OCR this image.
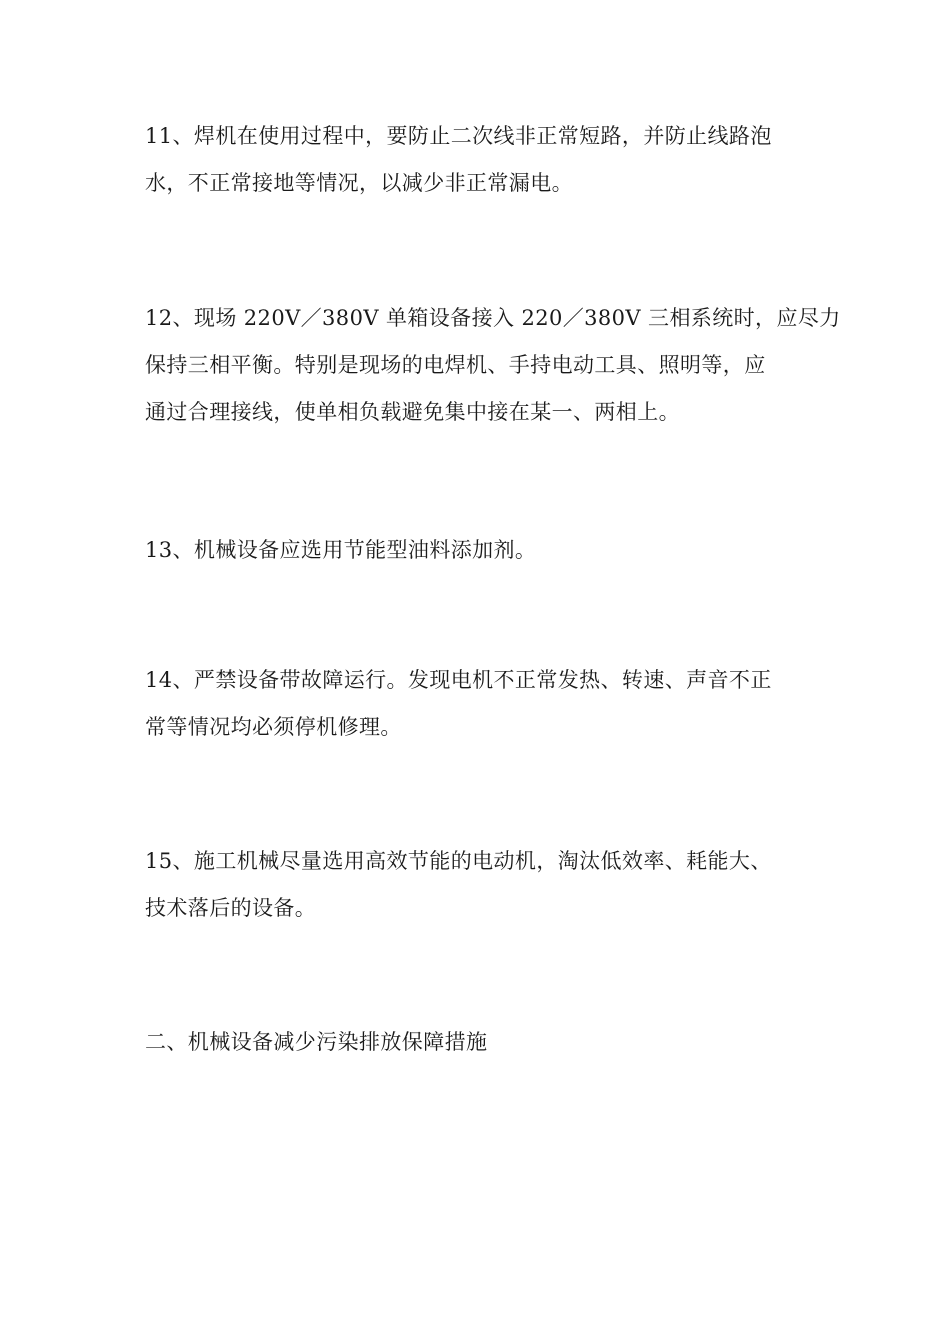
11、焊机在使用过程中，要防止二次线非正常短路，并防止线路泡
水，不正常接地等情况，以减少非正常漏电。

12、现场 220V／380V 单箱设备接入 220／380V 三相系统时，应尽力
保持三相平衡。特别是现场的电焊机、手持电动工具、照明等，应
通过合理接线，使单相负载避免集中接在某一、两相上。

13、机械设备应选用节能型油料添加剂。

14、严禁设备带故障运行。发现电机不正常发热、转速、声音不正
常等情况均必须停机修理。

15、施工机械尽量选用高效节能的电动机，淘汰低效率、耗能大、
技术落后的设备。

二、机械设备减少污染排放保障措施
